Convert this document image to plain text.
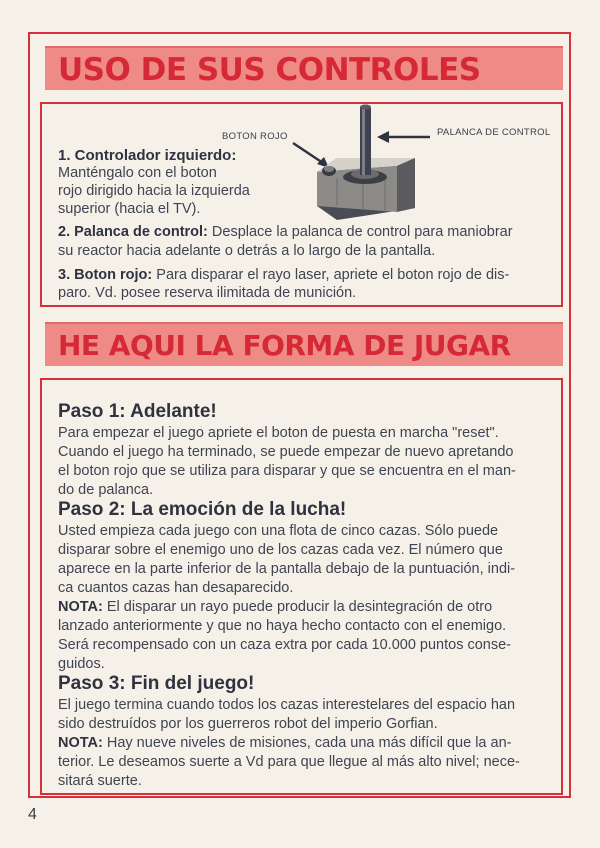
USO DE SUS CONTROLES

BOTON ROJO	PALANCA DE CONTROL

1. Controlador izquierdo:

Manténgalo con el boton

rojo dirigido hacia la izquierda

superior (hacia el TV).

2. Palanca de control: Desplace la palanca de control para maniobrar

su reactor hacia adelante o detrás a lo largo de la pantalla.

3. Boton rojo: Para disparar el rayo laser, apriete el boton rojo de dis-

paro. Vd. posee reserva ilimitada de munición.

HE AQUI LA FORMA DE JUGAR

Paso 1: Adelante!

Para empezar el juego apriete el boton de puesta en marcha "reset".

Cuando el juego ha terminado, se puede empezar de nuevo apretando

el boton rojo que se utiliza para disparar y que se encuentra en el man-

do de palanca.

Paso 2: La emoción de la lucha!

Usted empieza cada juego con una flota de cinco cazas. Sólo puede

disparar sobre el enemigo uno de los cazas cada vez. El número que

aparece en la parte inferior de la pantalla debajo de la puntuación, indi-

ca cuantos cazas han desaparecido.

NOTA: El disparar un rayo puede producir la desintegración de otro

lanzado anteriormente y que no haya hecho contacto con el enemigo.

Será recompensado con un caza extra por cada 10.000 puntos conse-

guidos.

Paso 3: Fin del juego!

El juego termina cuando todos los cazas interestelares del espacio han

sido destruídos por los guerreros robot del imperio Gorfian.

NOTA: Hay nueve niveles de misiones, cada una más difícil que la an-

terior. Le deseamos suerte a Vd para que llegue al más alto nivel; nece-

sitará suerte.

4
